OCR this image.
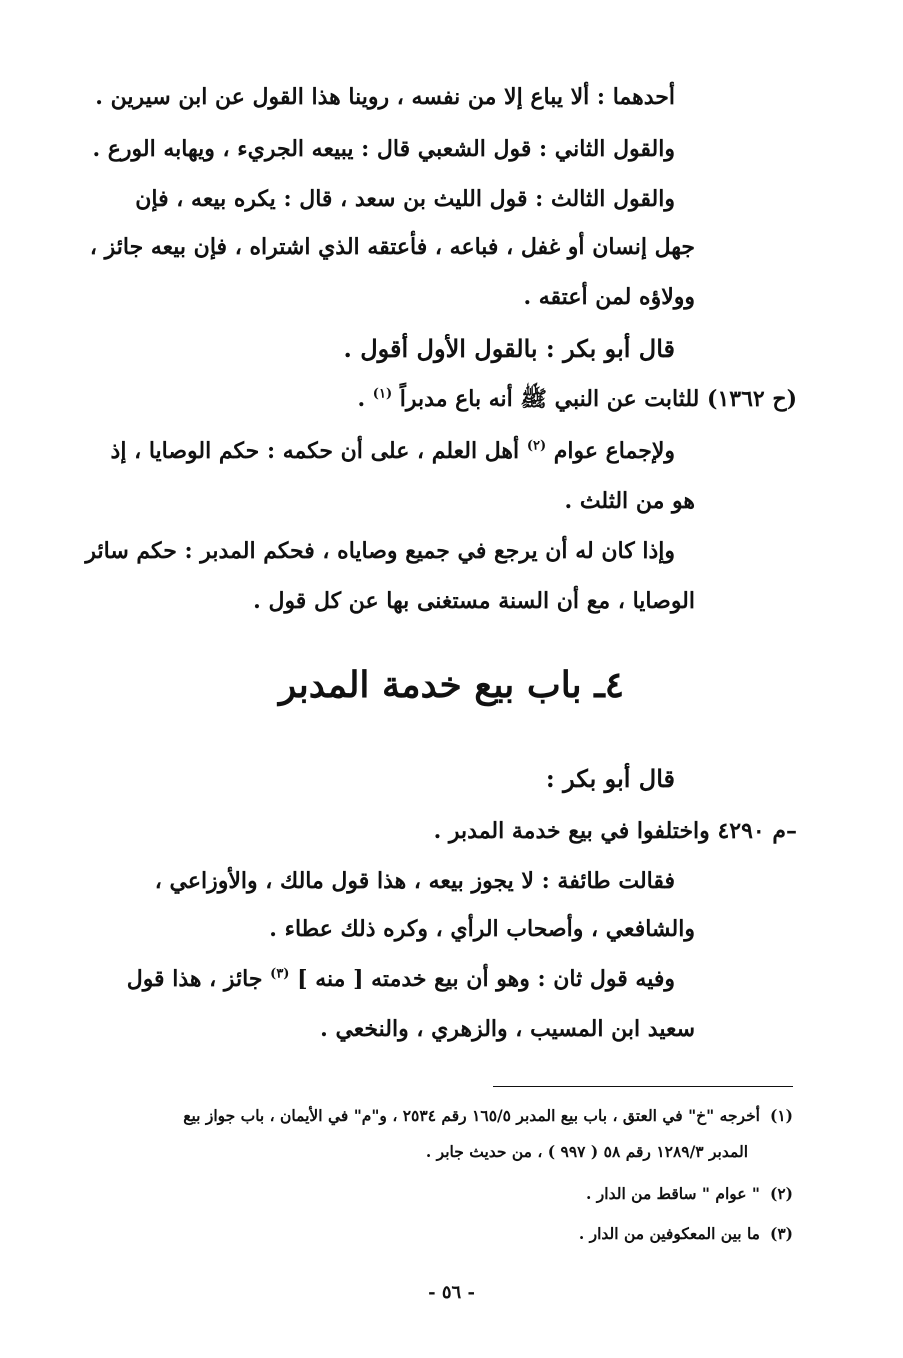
أحدهما : ألا يباع إلا من نفسه ، روينا هذا القول عن ابن سيرين .
والقول الثاني : قول الشعبي قال : يبيعه الجريء ، ويهابه الورع .
والقول الثالث : قول الليث بن سعد ، قال : يكره بيعه ، فإن
جهل إنسان أو غفل ، فباعه ، فأعتقه الذي اشتراه ، فإن بيعه جائز ،
وولاؤه لمن أعتقه .
قال أبو بكر : بالقول الأول أقول .
(ح ١٣٦٢) للثابت عن النبي ﷺ أنه باع مدبراً $^{(١)}$ .
ولإجماع عوام $^{(٢)}$ أهل العلم ، على أن حكمه : حكم الوصايا ، إذ
هو من الثلث .
وإذا كان له أن يرجع في جميع وصاياه ، فحكم المدبر : حكم سائر
الوصايا ، مع أن السنة مستغنى بها عن كل قول .
٤ـ باب بيع خدمة المدبر
قال أبو بكر :
م ٤٢٩٠– واختلفوا في بيع خدمة المدبر .
فقالت طائفة : لا يجوز بيعه ، هذا قول مالك ، والأوزاعي ،
والشافعي ، وأصحاب الرأي ، وكره ذلك عطاء .
وفيه قول ثان : وهو أن بيع خدمته [ منه ] $^{(٣)}$ جائز ، هذا قول
سعيد ابن المسيب ، والزهري ، والنخعي .
(١)أخرجه "خ" في العتق ، باب بيع المدبر ١٦٥/٥ رقم ٢٥٣٤ ، و"م" في الأيمان ، باب جواز بيع
المدبر ١٢٨٩/٣ رقم ٥٨ ( ٩٩٧ ) ، من حديث جابر .
(٢)" عوام " ساقط من الدار .
(٣)ما بين المعكوفين من الدار .
- ٥٦ -
